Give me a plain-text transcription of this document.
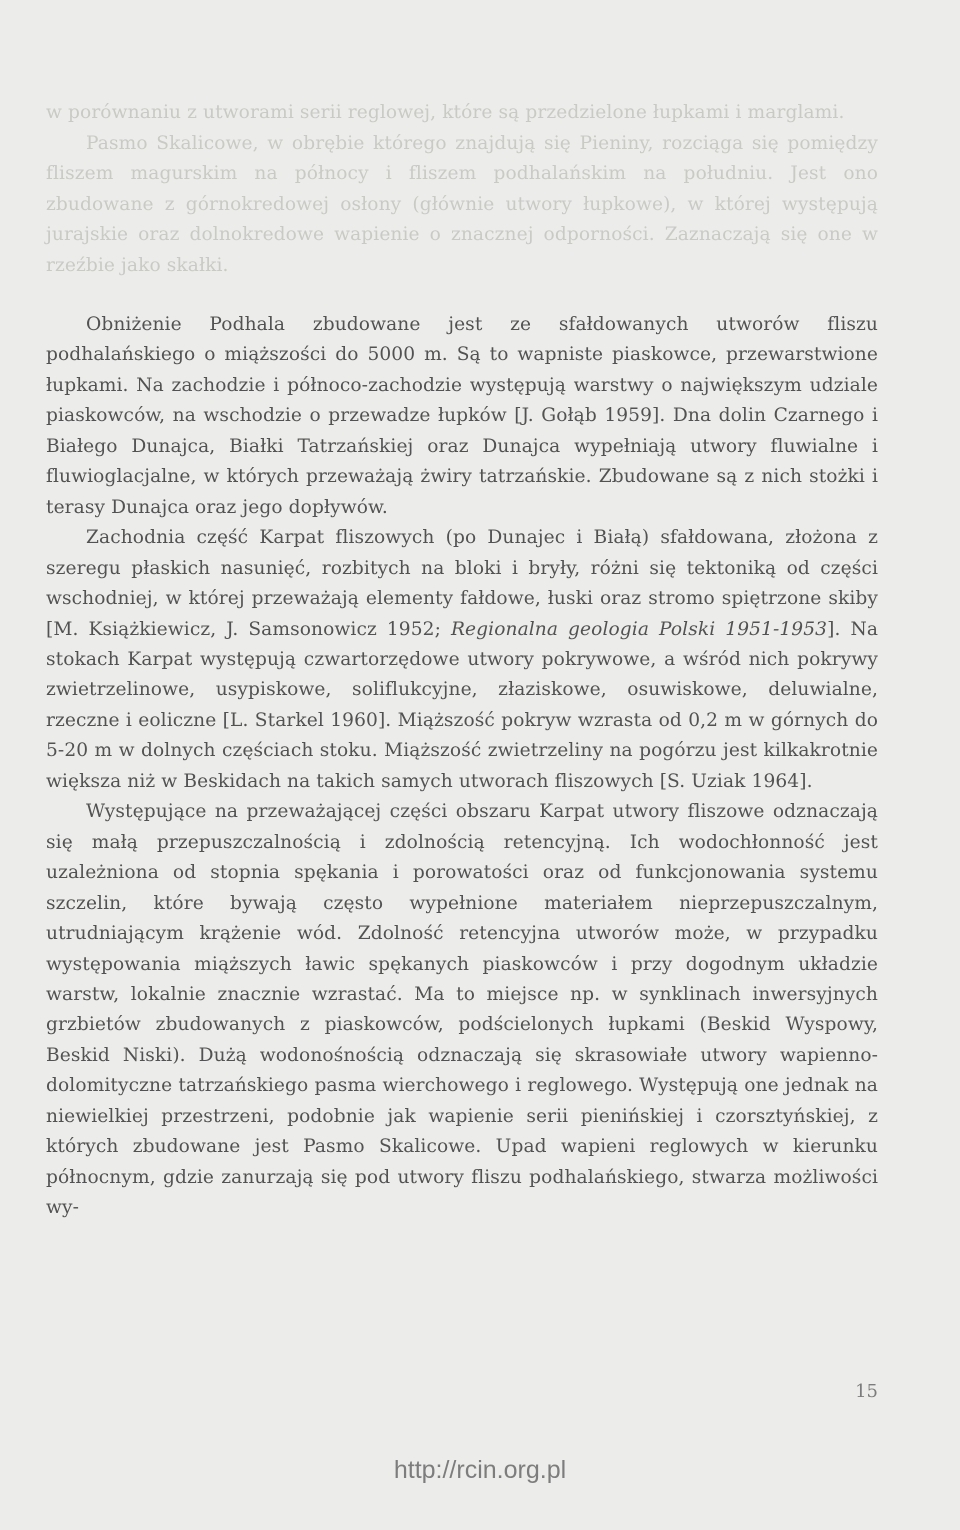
w porównaniu z utworami serii reglowej, które są przedzielone łupkami i marglami.

Pasmo Skalicowe, w obrębie którego znajdują się Pieniny, rozciąga się pomiędzy fliszem magurskim na północy i fliszem podhalańskim na południu. Jest ono zbudowane z górnokredowej osłony (głównie utwory łupkowe), w której występują jurajskie oraz dolnokredowe wapienie o znacznej odporności. Zaznaczają się one w rzeźbie jako skałki.

Obniżenie Podhala zbudowane jest ze sfałdowanych utworów fliszu podhalańskiego o miąższości do 5000 m. Są to wapniste piaskowce, przewarstwione łupkami. Na zachodzie i północo-zachodzie występują warstwy o największym udziale piaskowców, na wschodzie o przewadze łupków [J. Gołąb 1959]. Dna dolin Czarnego i Białego Dunajca, Białki Tatrzańskiej oraz Dunajca wypełniają utwory fluwialne i fluwioglacjalne, w których przeważają żwiry tatrzańskie. Zbudowane są z nich stożki i terasy Dunajca oraz jego dopływów.

Zachodnia część Karpat fliszowych (po Dunajec i Białą) sfałdowana, złożona z szeregu płaskich nasunięć, rozbitych na bloki i bryły, różni się tektoniką od części wschodniej, w której przeważają elementy fałdowe, łuski oraz stromo spiętrzone skiby [M. Książkiewicz, J. Samsonowicz 1952; Regionalna geologia Polski 1951-1953]. Na stokach Karpat występują czwartorzędowe utwory pokrywowe, a wśród nich pokrywy zwietrzelinowe, usypiskowe, soliflukcyjne, złaziskowe, osuwiskowe, deluwialne, rzeczne i eoliczne [L. Starkel 1960]. Miąższość pokryw wzrasta od 0,2 m w górnych do 5-20 m w dolnych częściach stoku. Miąższość zwietrzeliny na pogórzu jest kilkakrotnie większa niż w Beskidach na takich samych utworach fliszowych [S. Uziak 1964].

Występujące na przeważającej części obszaru Karpat utwory fliszowe odznaczają się małą przepuszczalnością i zdolnością retencyjną. Ich wodochłonność jest uzależniona od stopnia spękania i porowatości oraz od funkcjonowania systemu szczelin, które bywają często wypełnione materiałem nieprzepuszczalnym, utrudniającym krążenie wód. Zdolność retencyjna utworów może, w przypadku występowania miąższych ławic spękanych piaskowców i przy dogodnym układzie warstw, lokalnie znacznie wzrastać. Ma to miejsce np. w synklinach inwersyjnych grzbietów zbudowanych z piaskowców, podścielonych łupkami (Beskid Wyspowy, Beskid Niski). Dużą wodonośnością odznaczają się skrasowiałe utwory wapienno-dolomityczne tatrzańskiego pasma wierchowego i reglowego. Występują one jednak na niewielkiej przestrzeni, podobnie jak wapienie serii pienińskiej i czorsztyńskiej, z których zbudowane jest Pasmo Skalicowe. Upad wapieni reglowych w kierunku północnym, gdzie zanurzają się pod utwory fliszu podhalańskiego, stwarza możliwości wy-

15
http://rcin.org.pl
